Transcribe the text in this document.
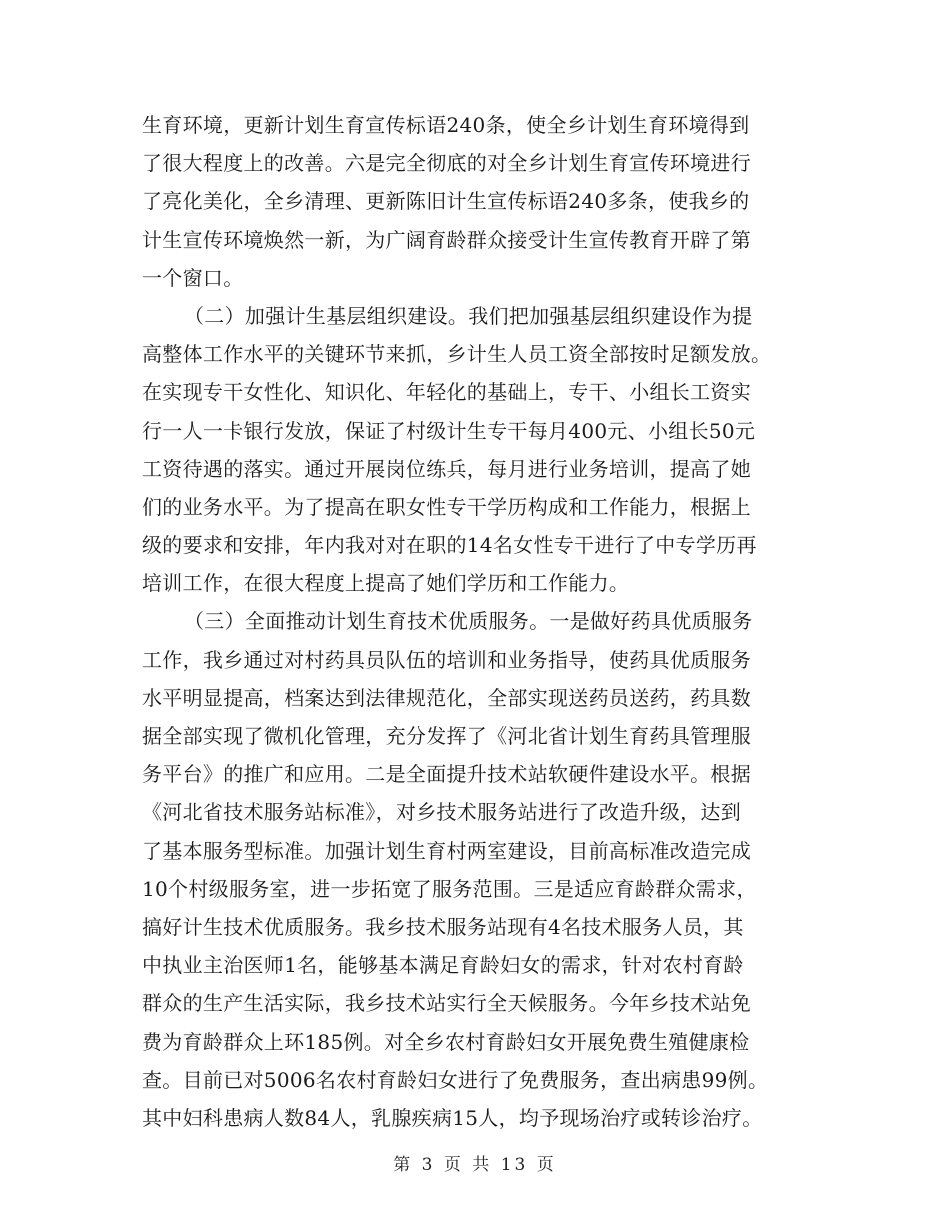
生育环境，更新计划生育宣传标语240条，使全乡计划生育环境得到
了很大程度上的改善。六是完全彻底的对全乡计划生育宣传环境进行
了亮化美化，全乡清理、更新陈旧计生宣传标语240多条，使我乡的
计生宣传环境焕然一新，为广阔育龄群众接受计生宣传教育开辟了第
一个窗口。
（二）加强计生基层组织建设。我们把加强基层组织建设作为提
高整体工作水平的关键环节来抓，乡计生人员工资全部按时足额发放。
在实现专干女性化、知识化、年轻化的基础上，专干、小组长工资实
行一人一卡银行发放，保证了村级计生专干每月400元、小组长50元
工资待遇的落实。通过开展岗位练兵，每月进行业务培训，提高了她
们的业务水平。为了提高在职女性专干学历构成和工作能力，根据上
级的要求和安排，年内我对对在职的14名女性专干进行了中专学历再
培训工作，在很大程度上提高了她们学历和工作能力。
（三）全面推动计划生育技术优质服务。一是做好药具优质服务
工作，我乡通过对村药具员队伍的培训和业务指导，使药具优质服务
水平明显提高，档案达到法律规范化，全部实现送药员送药，药具数
据全部实现了微机化管理，充分发挥了《河北省计划生育药具管理服
务平台》的推广和应用。二是全面提升技术站软硬件建设水平。根据
《河北省技术服务站标准》，对乡技术服务站进行了改造升级，达到
了基本服务型标准。加强计划生育村两室建设，目前高标准改造完成
10个村级服务室，进一步拓宽了服务范围。三是适应育龄群众需求，
搞好计生技术优质服务。我乡技术服务站现有4名技术服务人员，其
中执业主治医师1名，能够基本满足育龄妇女的需求，针对农村育龄
群众的生产生活实际，我乡技术站实行全天候服务。今年乡技术站免
费为育龄群众上环185例。对全乡农村育龄妇女开展免费生殖健康检
查。目前已对5006名农村育龄妇女进行了免费服务，查出病患99例。
其中妇科患病人数84人，乳腺疾病15人，均予现场治疗或转诊治疗。
第 3 页 共 13 页
